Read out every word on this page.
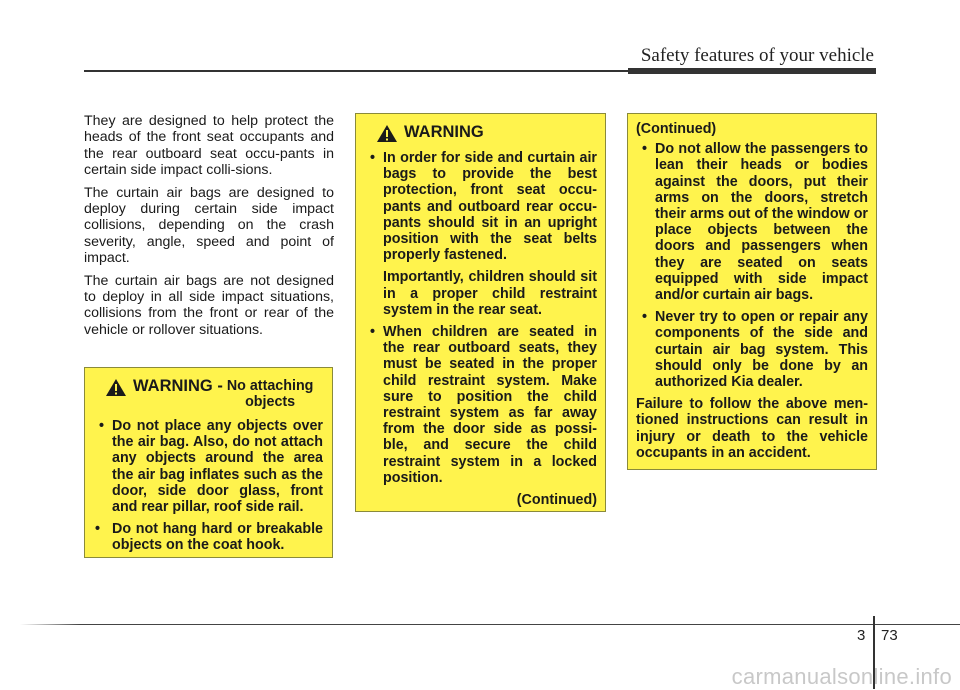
Safety features of your vehicle

They are designed to help protect the heads of the front seat occupants and the rear outboard seat occu-pants in certain side impact colli-sions.

The curtain air bags are designed to deploy during certain side impact collisions, depending on the crash severity, angle, speed and point of impact.

The curtain air bags are not designed to deploy in all side impact situations, collisions from the front or rear of the vehicle or rollover situations.

WARNING - No attaching
objects
• Do not place any objects over the air bag. Also, do not attach any objects around the area the air bag inflates such as the door, side door glass, front and rear pillar, roof side rail.

• Do not hang hard or breakable objects on the coat hook.

WARNING
• In order for side and curtain air bags to provide the best protection, front seat occu-pants and outboard rear occu-pants should sit in an upright position with the seat belts properly fastened.

Importantly, children should sit in a proper child restraint system in the rear seat.

• When children are seated in the rear outboard seats, they must be seated in the proper child restraint system. Make sure to position the child restraint system as far away from the door side as possi-ble, and secure the child restraint system in a locked position.

(Continued)
(Continued)
• Do not allow the passengers to lean their heads or bodies against the doors, put their arms on the doors, stretch their arms out of the window or place objects between the doors and passengers when they are seated on seats equipped with side impact and/or curtain air bags.

• Never try to open or repair any components of the side and curtain air bag system. This should only be done by an authorized Kia dealer.

Failure to follow the above men-tioned instructions can result in injury or death to the vehicle occupants in an accident.
3 73
carmanualsonline.info
